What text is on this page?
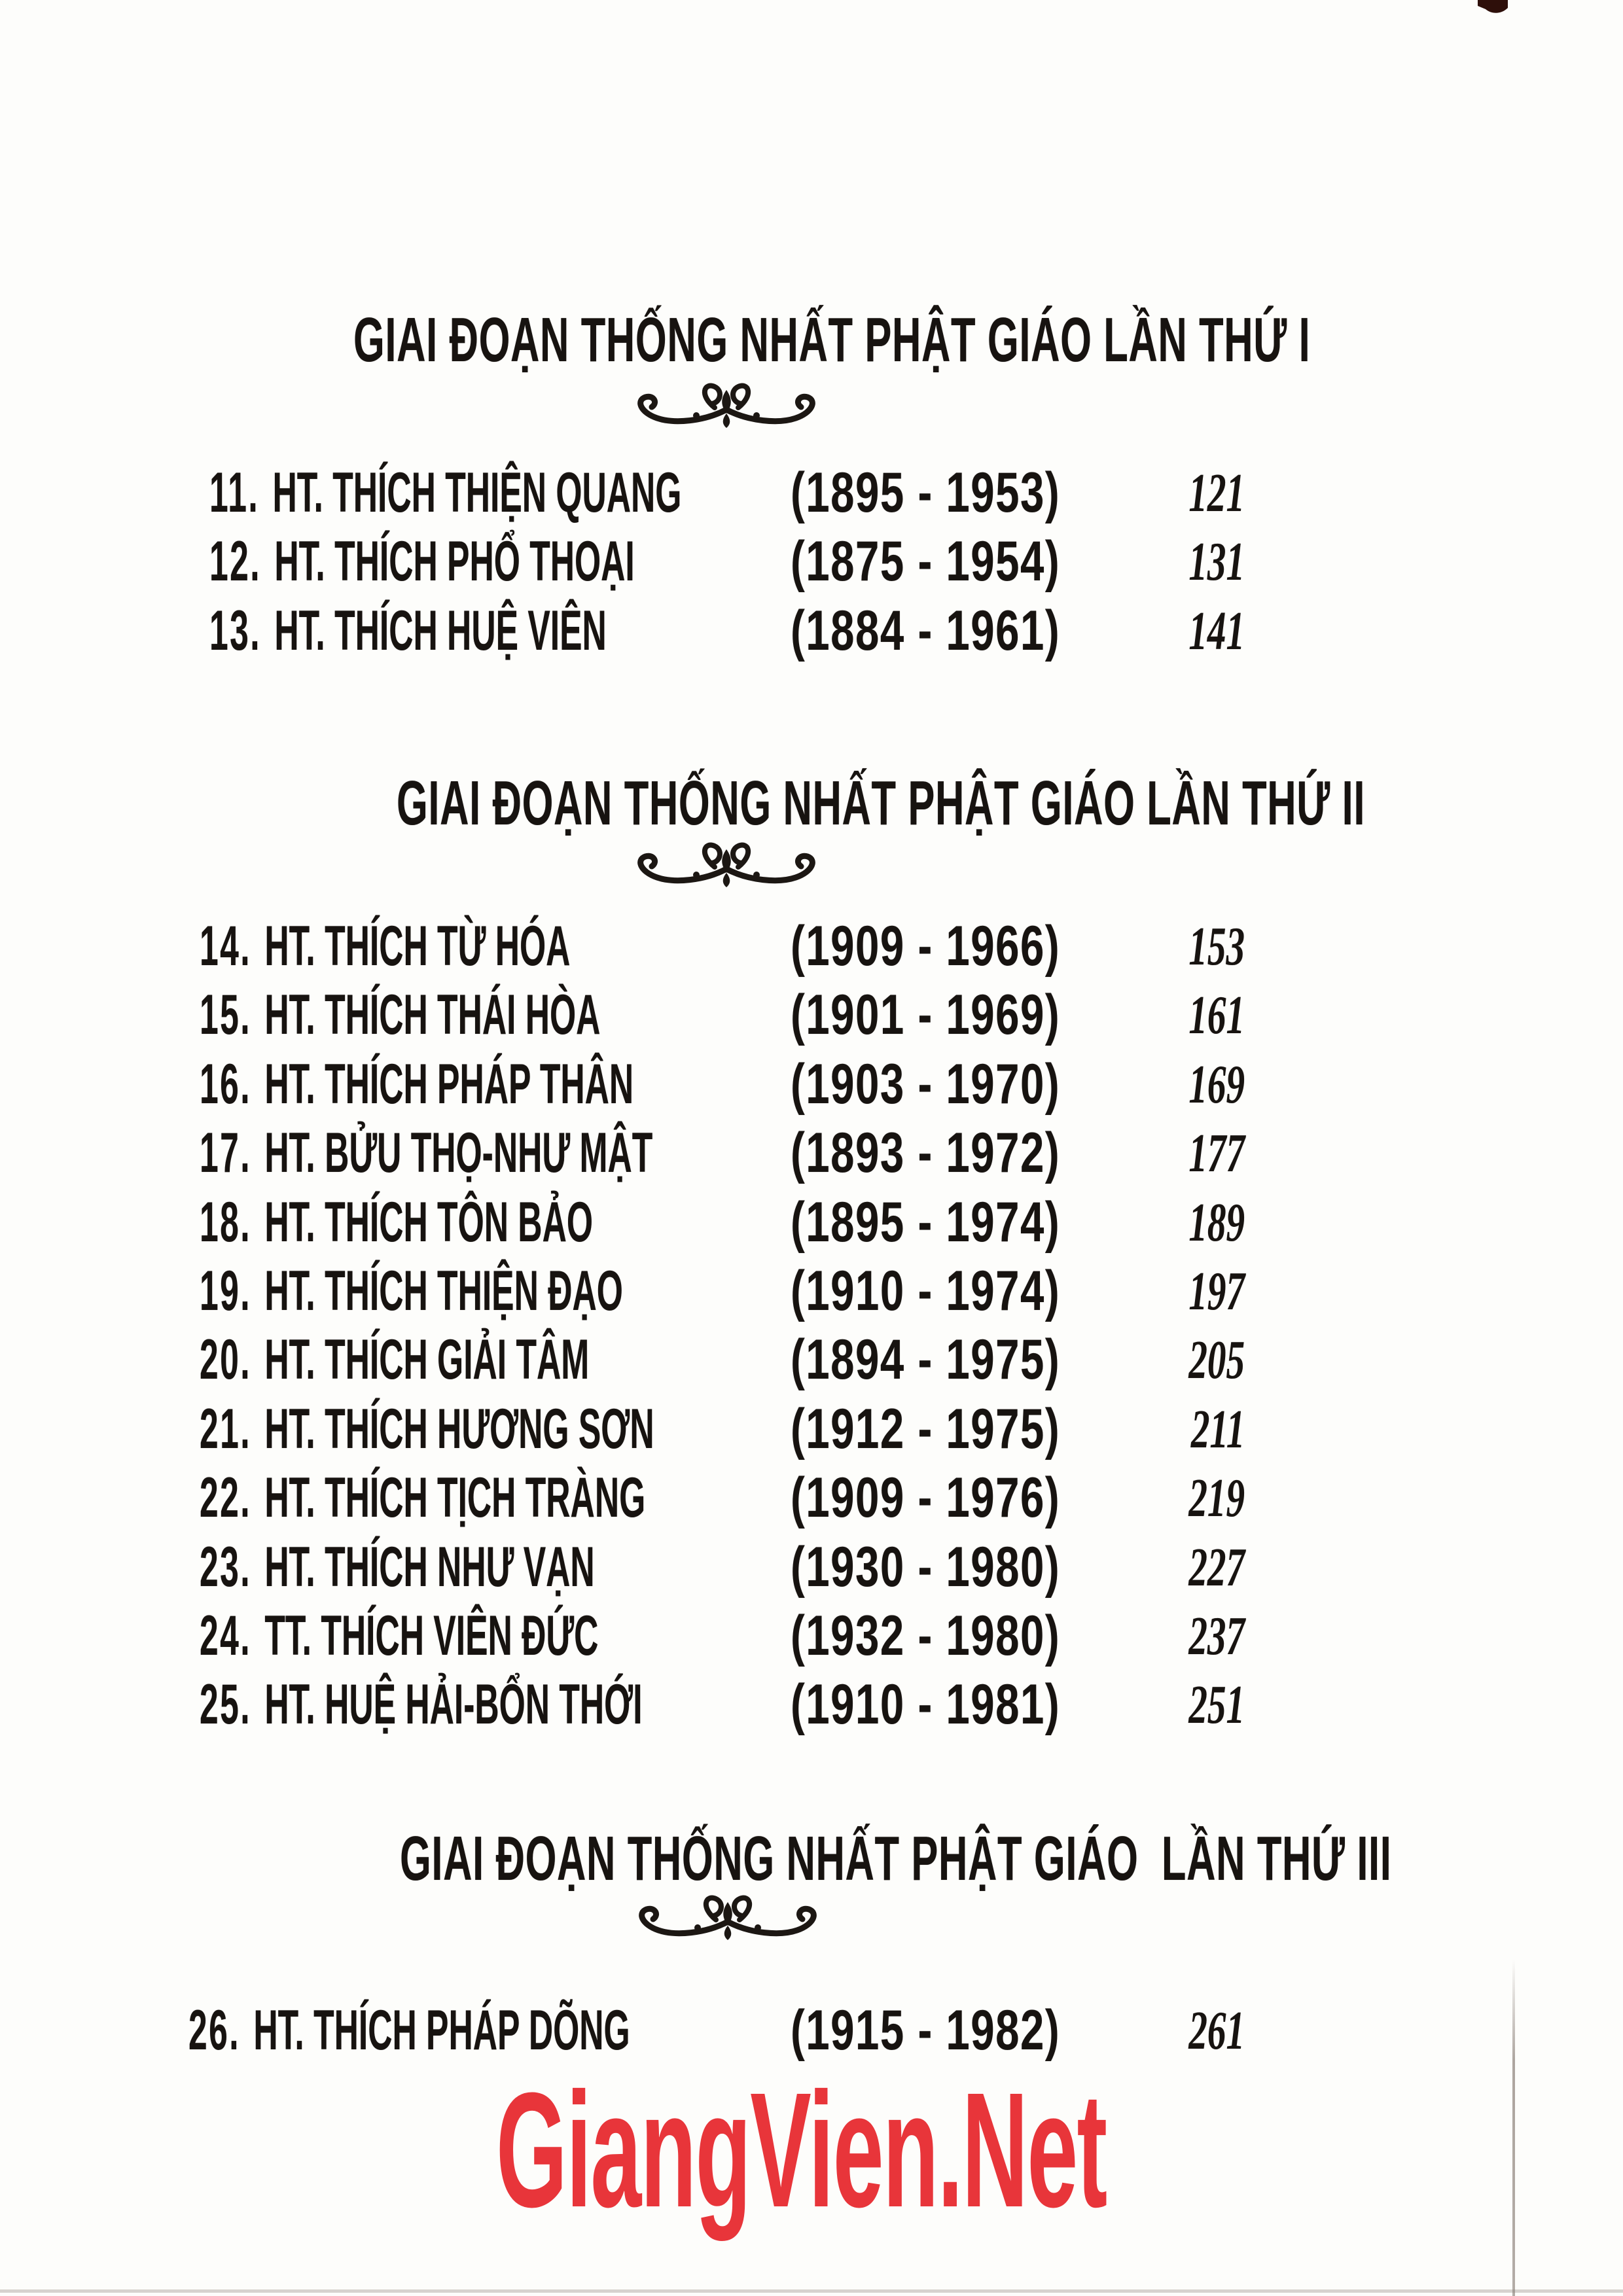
GIAI ĐOẠN THỐNG NHẤT PHẬT GIÁO LẦN THỨ I
11. HT. THÍCH THIỆN QUANG (1895 - 1953) 121
12. HT. THÍCH PHỔ THOẠI	(1875 - 1954) 131
13. HT. THÍCH HUỆ VIÊN	(1884 - 1961) 141
GIAI ĐOẠN THỐNG NHẤT PHẬT GIÁO LẦN THỨ II
14. HT. THÍCH TỪ HÓA	(1909 - 1966) 153
15. HT. THÍCH THÁI HÒA	(1901 - 1969) 161
16. HT. THÍCH PHÁP THÂN	(1903 - 1970) 169
17. HT. BỬU THỌ-NHƯ MẬT (1893 - 1972) 177
18. HT. THÍCH TÔN BẢO	(1895 - 1974) 189
19. HT. THÍCH THIỆN ĐẠO	(1910 - 1974) 197
20. HT. THÍCH GIẢI TÂM	(1894 - 1975) 205
21. HT. THÍCH HƯƠNG SƠN (1912 - 1975) 211
22. HT. THÍCH TỊCH TRÀNG	(1909 - 1976) 219
23. HT. THÍCH NHƯ VẠN	(1930 - 1980) 227
24. TT. THÍCH VIÊN ĐỨC	(1932 - 1980) 237
25. HT. HUỆ HẢI-BỔN THỚI	(1910 - 1981) 251
GIAI ĐOẠN THỐNG NHẤT PHẬT GIÁO  LẦN THỨ III
26. HT. THÍCH PHÁP DÕNG	(1915 - 1982) 261
GiangVien.Net
